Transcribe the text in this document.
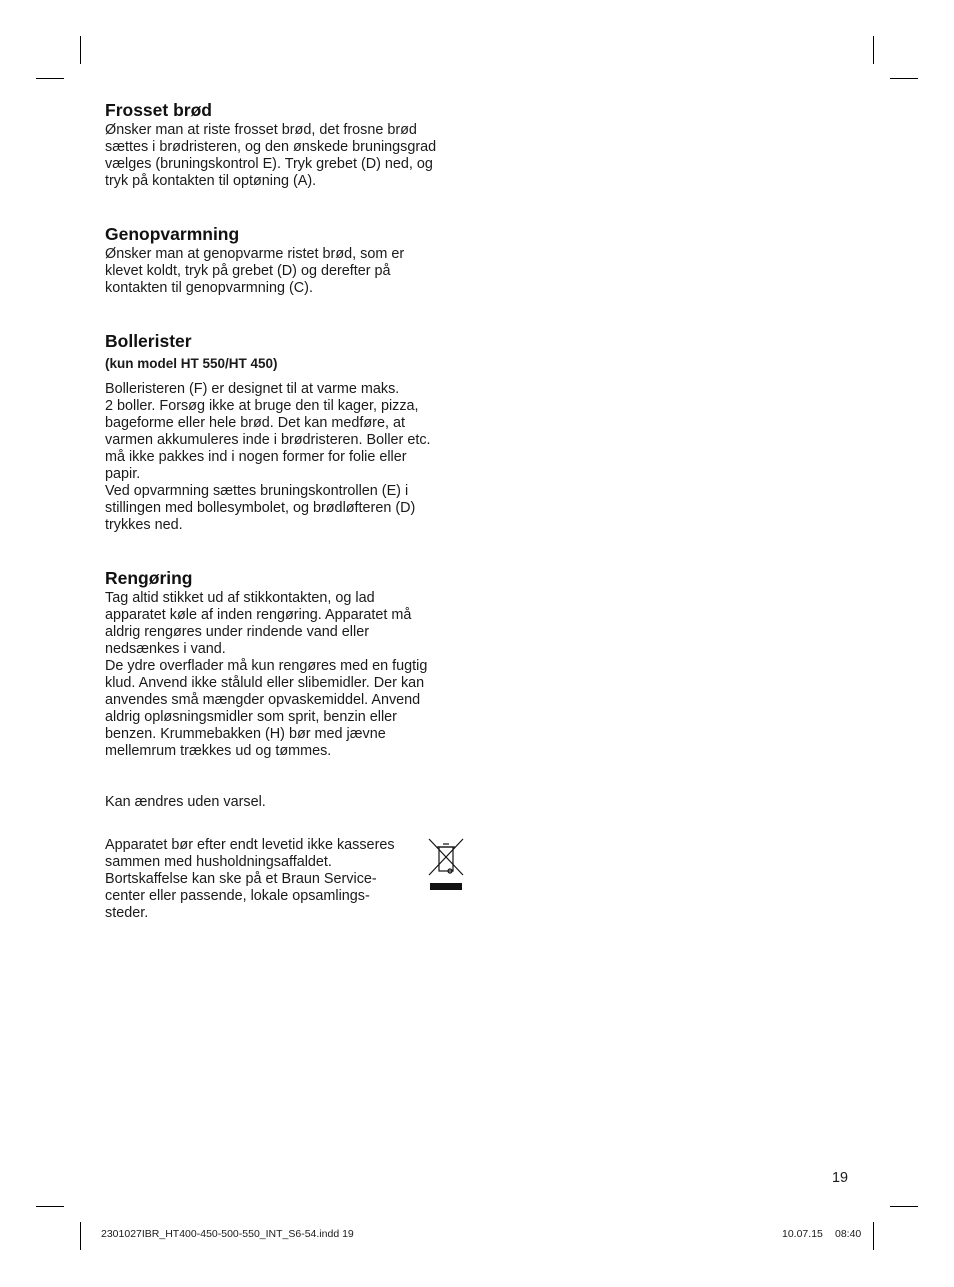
Frosset brød

Ønsker man at riste frosset brød, det frosne brød
sættes i brødristeren, og den ønskede bruningsgrad
vælges (bruningskontrol E). Tryk grebet (D) ned, og
tryk på kontakten til optøning (A).

Genopvarmning

Ønsker man at genopvarme ristet brød, som er
klevet koldt, tryk på grebet (D) og derefter på
kontakten til genopvarmning (C).

Bollerister
(kun model HT 550/HT 450)

Bolleristeren (F) er designet til at varme maks.
2 boller. Forsøg ikke at bruge den til kager, pizza,
bageforme eller hele brød. Det kan medføre, at
varmen akkumuleres inde i brødristeren. Boller etc.
må ikke pakkes ind i nogen former for folie eller
papir.
Ved opvarmning sættes bruningskontrollen (E) i
stillingen med bollesymbolet, og brødløfteren (D)
trykkes ned.

Rengøring

Tag altid stikket ud af stikkontakten, og lad
apparatet køle af inden rengøring. Apparatet må
aldrig rengøres under rindende vand eller
nedsænkes i vand.
De ydre overflader må kun rengøres med en fugtig
klud. Anvend ikke ståluld eller slibemidler. Der kan
anvendes små mængder opvaskemiddel. Anvend
aldrig opløsningsmidler som sprit, benzin eller
benzen. Krummebakken (H) bør med jævne
mellemrum trækkes ud og tømmes.

Kan ændres uden varsel.

Apparatet bør efter endt levetid ikke kasseres
sammen med husholdningsaffaldet.
Bortskaffelse kan ske på et Braun Service-
center eller passende, lokale opsamlings-
steder.

19
2301027IBR_HT400-450-500-550_INT_S6-54.indd 19	10.07.15 08:40
